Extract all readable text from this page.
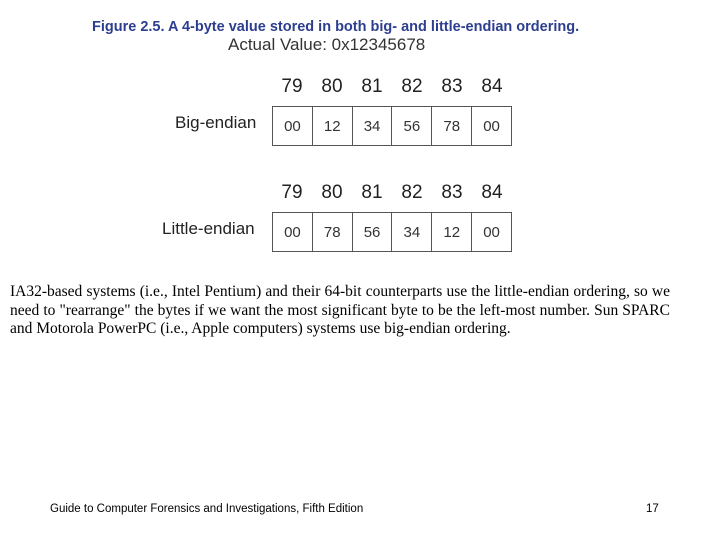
Figure 2.5. A 4-byte value stored in both big- and little-endian ordering.
Actual Value: 0x12345678
79 80 81 82 83 84
Big-endian	00	12	34	56	78	00
79 80 81 82 83 84
Little-endian	00	78	56	34	12	00
IA32-based systems (i.e., Intel Pentium) and their 64-bit counterparts use the little-endian ordering, so we need to "rearrange" the bytes if we want the most significant byte to be the left-most number. Sun SPARC and Motorola PowerPC (i.e., Apple computers) systems use big-endian ordering.
Guide to Computer Forensics and Investigations, Fifth Edition	17
